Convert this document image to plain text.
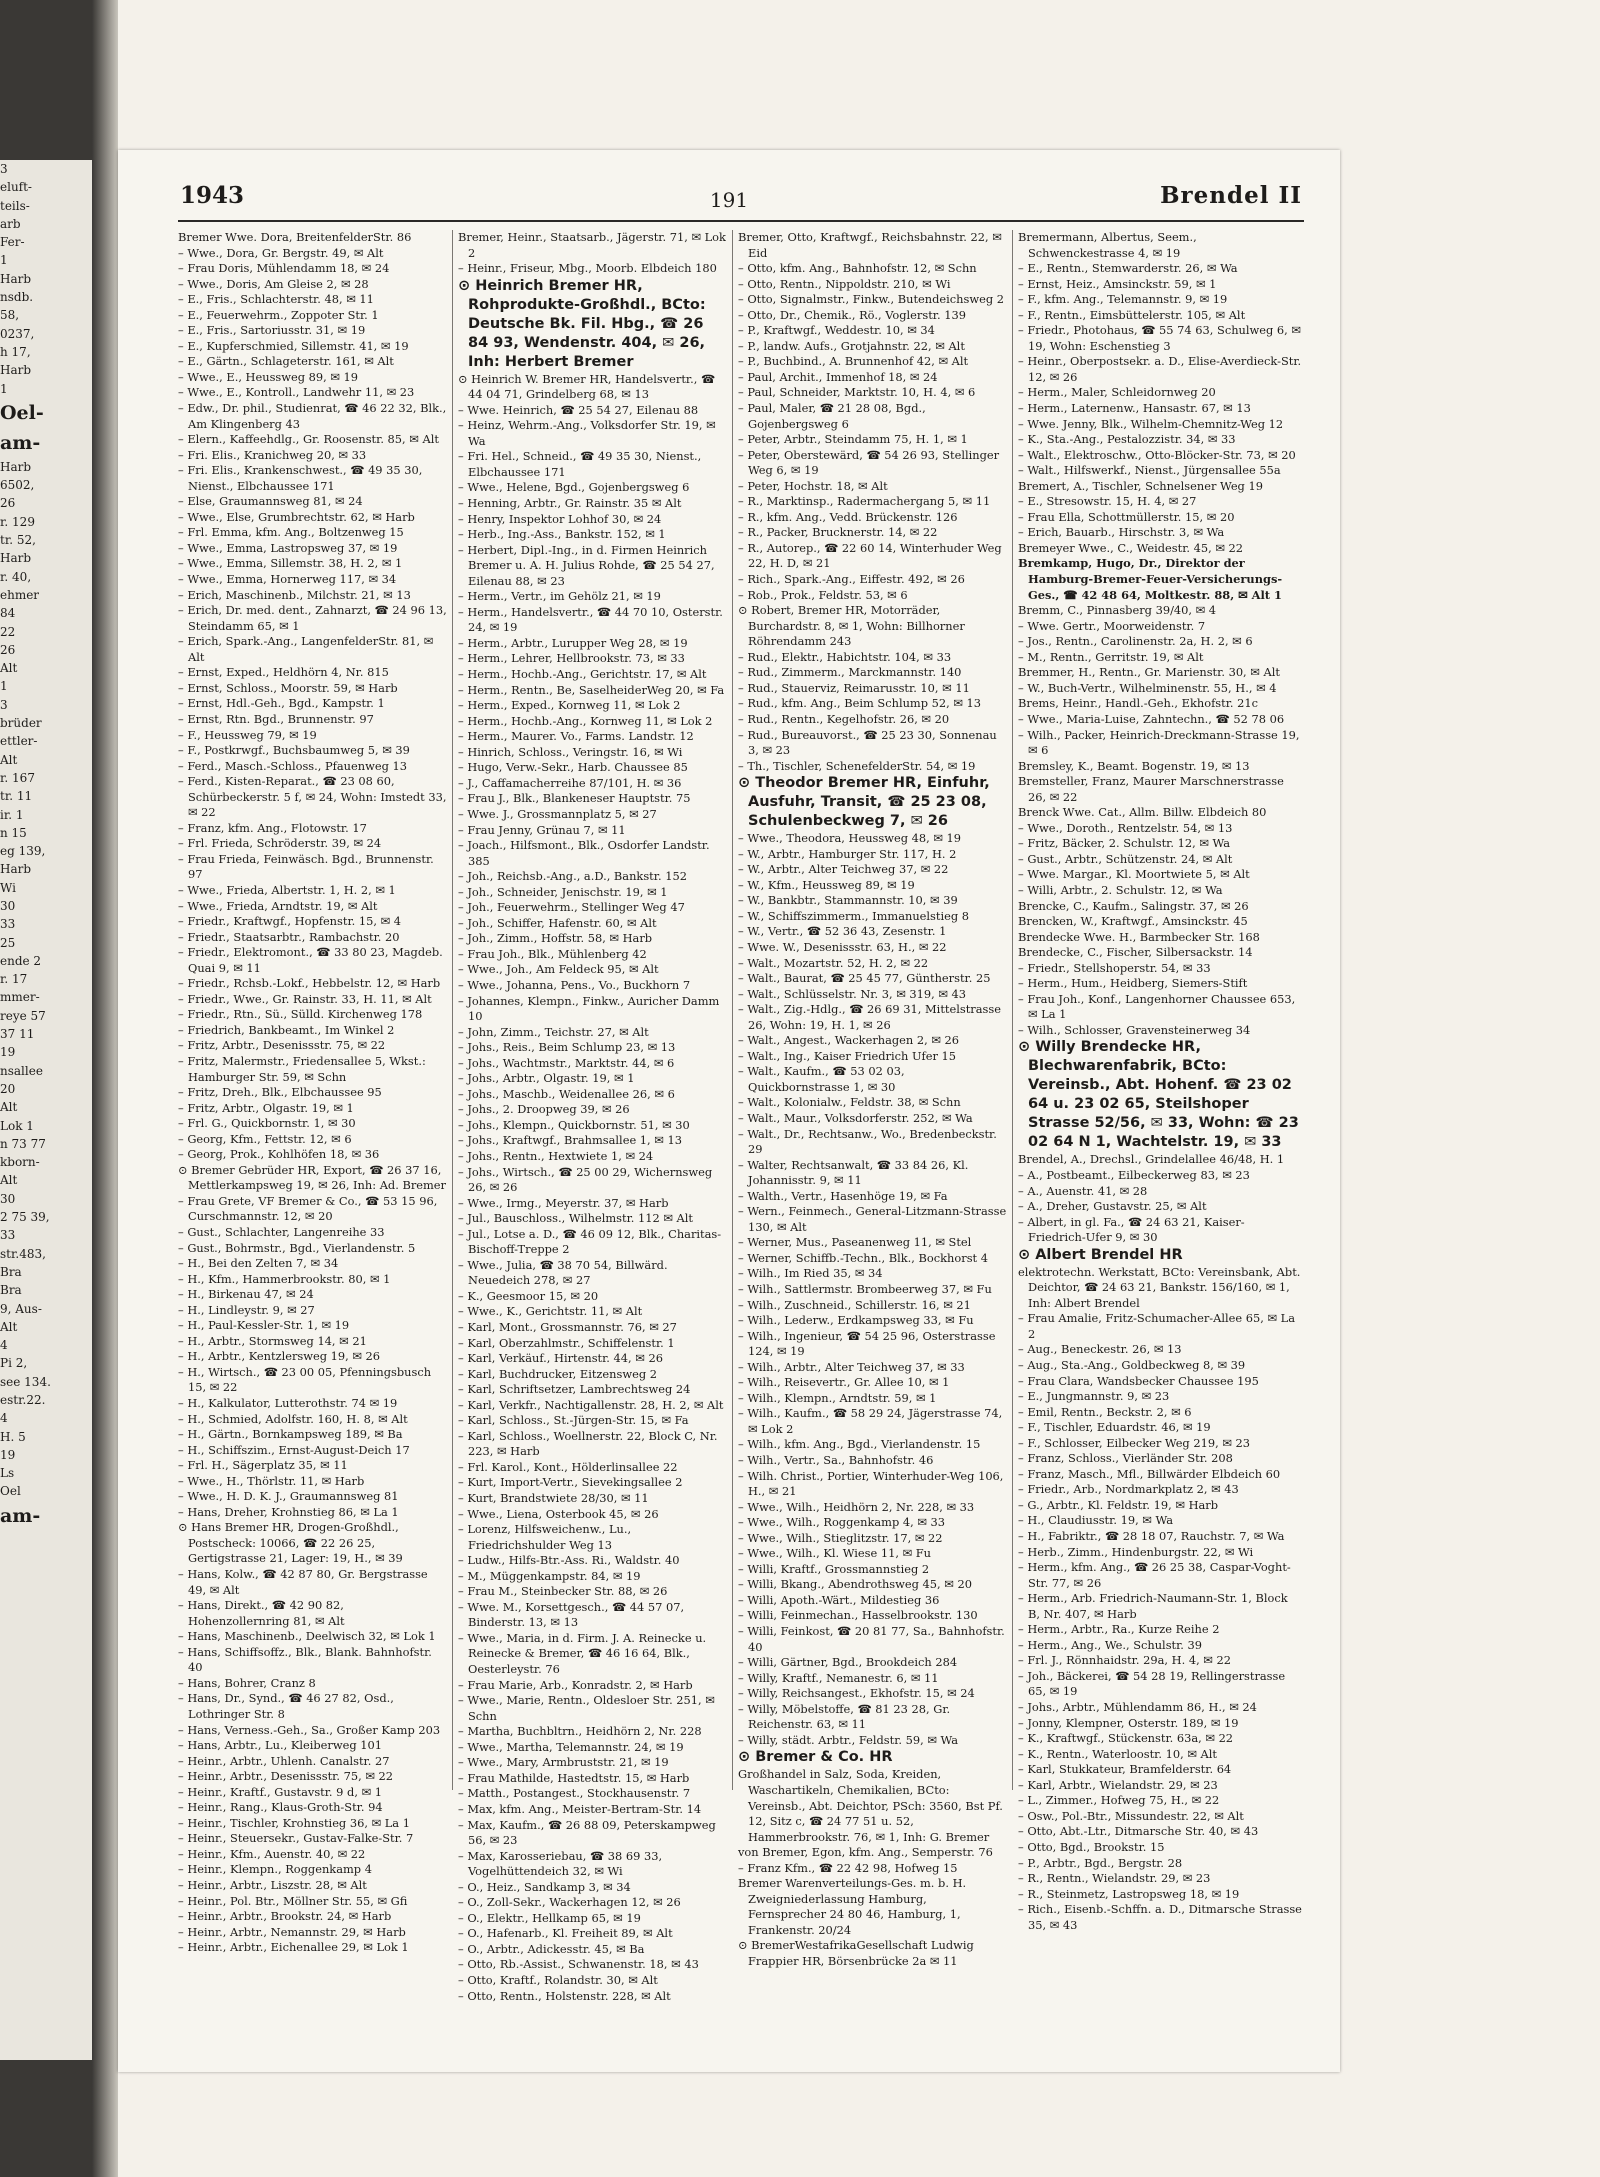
3
eluft-
teils-
arb
Fer-
1
Harb
nsdb.
58,
0237,
h 17,
Harb
1
Oel-
am-
Harb
6502,
26
r. 129
tr. 52,
Harb
r. 40,
ehmer
84
22
26
Alt
1
3
brüder
ettler-
Alt
r. 167
tr. 11
ir. 1
n 15
eg 139,
Harb
Wi
30
33
25
ende 2
r. 17
mmer-
reye 57
37 11
19
nsallee
20
Alt
Lok 1
n 73 77
kborn-
Alt
30
2 75 39,
33
str.483,
Bra
Bra
9, Aus-
Alt
4
Pi 2,
see 134.
estr.22.
4
H. 5
19
Ls
Oel
am-
1943	191	Brendel II
Bremer Wwe. Dora, BreitenfelderStr. 86
– Wwe., Dora, Gr. Bergstr. 49, ✉ Alt
– Frau Doris, Mühlendamm 18, ✉ 24
– Wwe., Doris, Am Gleise 2, ✉ 28
– E., Fris., Schlachterstr. 48, ✉ 11
– E., Feuerwehrm., Zoppoter Str. 1
– E., Fris., Sartoriusstr. 31, ✉ 19
– E., Kupferschmied, Sillemstr. 41, ✉ 19
– E., Gärtn., Schlageterstr. 161, ✉ Alt
– Wwe., E., Heussweg 89, ✉ 19
– Wwe., E., Kontroll., Landwehr 11, ✉ 23
– Edw., Dr. phil., Studienrat, ☎ 46 22 32, Blk., Am Klingenberg 43
– Elern., Kaffeehdlg., Gr. Roosenstr. 85, ✉ Alt
– Fri. Elis., Kranichweg 20, ✉ 33
– Fri. Elis., Krankenschwest., ☎ 49 35 30, Nienst., Elbchaussee 171
– Else, Graumannsweg 81, ✉ 24
– Wwe., Else, Grumbrechtstr. 62, ✉ Harb
– Frl. Emma, kfm. Ang., Boltzenweg 15
– Wwe., Emma, Lastropsweg 37, ✉ 19
– Wwe., Emma, Sillemstr. 38, H. 2, ✉ 1
– Wwe., Emma, Hornerweg 117, ✉ 34
– Erich, Maschinenb., Milchstr. 21, ✉ 13
– Erich, Dr. med. dent., Zahnarzt, ☎ 24 96 13, Steindamm 65, ✉ 1
– Erich, Spark.-Ang., LangenfelderStr. 81, ✉ Alt
– Ernst, Exped., Heldhörn 4, Nr. 815
– Ernst, Schloss., Moorstr. 59, ✉ Harb
– Ernst, Hdl.-Geh., Bgd., Kampstr. 1
– Ernst, Rtn. Bgd., Brunnenstr. 97
– F., Heussweg 79, ✉ 19
– F., Postkrwgf., Buchsbaumweg 5, ✉ 39
– Ferd., Masch.-Schloss., Pfauenweg 13
– Ferd., Kisten-Reparat., ☎ 23 08 60, Schürbeckerstr. 5 f, ✉ 24, Wohn: Imstedt 33, ✉ 22
– Franz, kfm. Ang., Flotowstr. 17
– Frl. Frieda, Schröderstr. 39, ✉ 24
– Frau Frieda, Feinwäsch. Bgd., Brunnenstr. 97
– Wwe., Frieda, Albertstr. 1, H. 2, ✉ 1
– Wwe., Frieda, Arndtstr. 19, ✉ Alt
– Friedr., Kraftwgf., Hopfenstr. 15, ✉ 4
– Friedr., Staatsarbtr., Rambachstr. 20
– Friedr., Elektromont., ☎ 33 80 23, Magdeb. Quai 9, ✉ 11
– Friedr., Rchsb.-Lokf., Hebbelstr. 12, ✉ Harb
– Friedr., Wwe., Gr. Rainstr. 33, H. 11, ✉ Alt
– Friedr., Rtn., Sü., Sülld. Kirchenweg 178
– Friedrich, Bankbeamt., Im Winkel 2
– Fritz, Arbtr., Desenissstr. 75, ✉ 22
– Fritz, Malermstr., Friedensallee 5, Wkst.: Hamburger Str. 59, ✉ Schn
– Fritz, Dreh., Blk., Elbchaussee 95
– Fritz, Arbtr., Olgastr. 19, ✉ 1
– Frl. G., Quickbornstr. 1, ✉ 30
– Georg, Kfm., Fettstr. 12, ✉ 6
– Georg, Prok., Kohlhöfen 18, ✉ 36
⊙ Bremer Gebrüder HR, Export, ☎ 26 37 16, Mettlerkampsweg 19, ✉ 26, Inh: Ad. Bremer
– Frau Grete, VF Bremer & Co., ☎ 53 15 96, Curschmannstr. 12, ✉ 20
– Gust., Schlachter, Langenreihe 33
– Gust., Bohrmstr., Bgd., Vierlandenstr. 5
– H., Bei den Zelten 7, ✉ 34
– H., Kfm., Hammerbrookstr. 80, ✉ 1
– H., Birkenau 47, ✉ 24
– H., Lindleystr. 9, ✉ 27
– H., Paul-Kessler-Str. 1, ✉ 19
– H., Arbtr., Stormsweg 14, ✉ 21
– H., Arbtr., Kentzlersweg 19, ✉ 26
– H., Wirtsch., ☎ 23 00 05, Pfenningsbusch 15, ✉ 22
– H., Kalkulator, Lutterothstr. 74 ✉ 19
– H., Schmied, Adolfstr. 160, H. 8, ✉ Alt
– H., Gärtn., Bornkampsweg 189, ✉ Ba
– H., Schiffszim., Ernst-August-Deich 17
– Frl. H., Sägerplatz 35, ✉ 11
– Wwe., H., Thörlstr. 11, ✉ Harb
– Wwe., H. D. K. J., Graumannsweg 81
– Hans, Dreher, Krohnstieg 86, ✉ La 1
⊙ Hans Bremer HR, Drogen-Großhdl., Postscheck: 10066, ☎ 22 26 25, Gertigstrasse 21, Lager: 19, H., ✉ 39
– Hans, Kolw., ☎ 42 87 80, Gr. Bergstrasse 49, ✉ Alt
– Hans, Direkt., ☎ 42 90 82, Hohenzollernring 81, ✉ Alt
– Hans, Maschinenb., Deelwisch 32, ✉ Lok 1
– Hans, Schiffsoffz., Blk., Blank. Bahnhofstr. 40
– Hans, Bohrer, Cranz 8
– Hans, Dr., Synd., ☎ 46 27 82, Osd., Lothringer Str. 8
– Hans, Verness.-Geh., Sa., Großer Kamp 203
– Hans, Arbtr., Lu., Kleiberweg 101
– Heinr., Arbtr., Uhlenh. Canalstr. 27
– Heinr., Arbtr., Desenissstr. 75, ✉ 22
– Heinr., Kraftf., Gustavstr. 9 d, ✉ 1
– Heinr., Rang., Klaus-Groth-Str. 94
– Heinr., Tischler, Krohnstieg 36, ✉ La 1
– Heinr., Steuersekr., Gustav-Falke-Str. 7
– Heinr., Kfm., Auenstr. 40, ✉ 22
– Heinr., Klempn., Roggenkamp 4
– Heinr., Arbtr., Liszstr. 28, ✉ Alt
– Heinr., Pol. Btr., Möllner Str. 55, ✉ Gfi
– Heinr., Arbtr., Brookstr. 24, ✉ Harb
– Heinr., Arbtr., Nemannstr. 29, ✉ Harb
– Heinr., Arbtr., Eichenallee 29, ✉ Lok 1
Bremer, Heinr., Staatsarb., Jägerstr. 71, ✉ Lok 2
– Heinr., Friseur, Mbg., Moorb. Elbdeich 180
⊙ Heinrich Bremer HR, Rohprodukte-Großhdl., BCto: Deutsche Bk. Fil. Hbg., ☎ 26 84 93, Wendenstr. 404, ✉ 26, Inh: Herbert Bremer
⊙ Heinrich W. Bremer HR, Handelsvertr., ☎ 44 04 71, Grindelberg 68, ✉ 13
– Wwe. Heinrich, ☎ 25 54 27, Eilenau 88
– Heinz, Wehrm.-Ang., Volksdorfer Str. 19, ✉ Wa
– Fri. Hel., Schneid., ☎ 49 35 30, Nienst., Elbchaussee 171
– Wwe., Helene, Bgd., Gojenbergsweg 6
– Henning, Arbtr., Gr. Rainstr. 35 ✉ Alt
– Henry, Inspektor Lohhof 30, ✉ 24
– Herb., Ing.-Ass., Bankstr. 152, ✉ 1
– Herbert, Dipl.-Ing., in d. Firmen Heinrich Bremer u. A. H. Julius Rohde, ☎ 25 54 27, Eilenau 88, ✉ 23
– Herm., Vertr., im Gehölz 21, ✉ 19
– Herm., Handelsvertr., ☎ 44 70 10, Osterstr. 24, ✉ 19
– Herm., Arbtr., Lurupper Weg 28, ✉ 19
– Herm., Lehrer, Hellbrookstr. 73, ✉ 33
– Herm., Hochb.-Ang., Gerichtstr. 17, ✉ Alt
– Herm., Rentn., Be, SaselheiderWeg 20, ✉ Fa
– Herm., Exped., Kornweg 11, ✉ Lok 2
– Herm., Hochb.-Ang., Kornweg 11, ✉ Lok 2
– Herm., Maurer. Vo., Farms. Landstr. 12
– Hinrich, Schloss., Veringstr. 16, ✉ Wi
– Hugo, Verw.-Sekr., Harb. Chaussee 85
– J., Caffamacherreihe 87/101, H. ✉ 36
– Frau J., Blk., Blankeneser Hauptstr. 75
– Wwe. J., Grossmannplatz 5, ✉ 27
– Frau Jenny, Grünau 7, ✉ 11
– Joach., Hilfsmont., Blk., Osdorfer Landstr. 385
– Joh., Reichsb.-Ang., a.D., Bankstr. 152
– Joh., Schneider, Jenischstr. 19, ✉ 1
– Joh., Feuerwehrm., Stellinger Weg 47
– Joh., Schiffer, Hafenstr. 60, ✉ Alt
– Joh., Zimm., Hoffstr. 58, ✉ Harb
– Frau Joh., Blk., Mühlenberg 42
– Wwe., Joh., Am Feldeck 95, ✉ Alt
– Wwe., Johanna, Pens., Vo., Buckhorn 7
– Johannes, Klempn., Finkw., Auricher Damm 10
– John, Zimm., Teichstr. 27, ✉ Alt
– Johs., Reis., Beim Schlump 23, ✉ 13
– Johs., Wachtmstr., Marktstr. 44, ✉ 6
– Johs., Arbtr., Olgastr. 19, ✉ 1
– Johs., Maschb., Weidenallee 26, ✉ 6
– Johs., 2. Droopweg 39, ✉ 26
– Johs., Klempn., Quickbornstr. 51, ✉ 30
– Johs., Kraftwgf., Brahmsallee 1, ✉ 13
– Johs., Rentn., Hextwiete 1, ✉ 24
– Johs., Wirtsch., ☎ 25 00 29, Wichernsweg 26, ✉ 26
– Wwe., Irmg., Meyerstr. 37, ✉ Harb
– Jul., Bauschloss., Wilhelmstr. 112 ✉ Alt
– Jul., Lotse a. D., ☎ 46 09 12, Blk., Charitas-Bischoff-Treppe 2
– Wwe., Julia, ☎ 38 70 54, Billwärd. Neuedeich 278, ✉ 27
– K., Geesmoor 15, ✉ 20
– Wwe., K., Gerichtstr. 11, ✉ Alt
– Karl, Mont., Grossmannstr. 76, ✉ 27
– Karl, Oberzahlmstr., Schiffelenstr. 1
– Karl, Verkäuf., Hirtenstr. 44, ✉ 26
– Karl, Buchdrucker, Eitzensweg 2
– Karl, Schriftsetzer, Lambrechtsweg 24
– Karl, Verkfr., Nachtigallenstr. 28, H. 2, ✉ Alt
– Karl, Schloss., St.-Jürgen-Str. 15, ✉ Fa
– Karl, Schloss., Woellnerstr. 22, Block C, Nr. 223, ✉ Harb
– Frl. Karol., Kont., Hölderlinsallee 22
– Kurt, Import-Vertr., Sievekingsallee 2
– Kurt, Brandstwiete 28/30, ✉ 11
– Wwe., Liena, Osterbook 45, ✉ 26
– Lorenz, Hilfsweichenw., Lu., Friedrichshulder Weg 13
– Ludw., Hilfs-Btr.-Ass. Ri., Waldstr. 40
– M., Müggenkampstr. 84, ✉ 19
– Frau M., Steinbecker Str. 88, ✉ 26
– Wwe. M., Korsettgesch., ☎ 44 57 07, Binderstr. 13, ✉ 13
– Wwe., Maria, in d. Firm. J. A. Reinecke u. Reinecke & Bremer, ☎ 46 16 64, Blk., Oesterleystr. 76
– Frau Marie, Arb., Konradstr. 2, ✉ Harb
– Wwe., Marie, Rentn., Oldesloer Str. 251, ✉ Schn
– Martha, Buchbltrn., Heidhörn 2, Nr. 228
– Wwe., Martha, Telemannstr. 24, ✉ 19
– Wwe., Mary, Armbruststr. 21, ✉ 19
– Frau Mathilde, Hastedtstr. 15, ✉ Harb
– Matth., Postangest., Stockhausenstr. 7
– Max, kfm. Ang., Meister-Bertram-Str. 14
– Max, Kaufm., ☎ 26 88 09, Peterskampweg 56, ✉ 23
– Max, Karosseriebau, ☎ 38 69 33, Vogelhüttendeich 32, ✉ Wi
– O., Heiz., Sandkamp 3, ✉ 34
– O., Zoll-Sekr., Wackerhagen 12, ✉ 26
– O., Elektr., Hellkamp 65, ✉ 19
– O., Hafenarb., Kl. Freiheit 89, ✉ Alt
– O., Arbtr., Adickesstr. 45, ✉ Ba
– Otto, Rb.-Assist., Schwanenstr. 18, ✉ 43
– Otto, Kraftf., Rolandstr. 30, ✉ Alt
– Otto, Rentn., Holstenstr. 228, ✉ Alt
Bremer, Otto, Kraftwgf., Reichsbahnstr. 22, ✉ Eid
– Otto, kfm. Ang., Bahnhofstr. 12, ✉ Schn
– Otto, Rentn., Nippoldstr. 210, ✉ Wi
– Otto, Signalmstr., Finkw., Butendeichsweg 2
– Otto, Dr., Chemik., Rö., Voglerstr. 139
– P., Kraftwgf., Weddestr. 10, ✉ 34
– P., landw. Aufs., Grotjahnstr. 22, ✉ Alt
– P., Buchbind., A. Brunnenhof 42, ✉ Alt
– Paul, Archit., Immenhof 18, ✉ 24
– Paul, Schneider, Marktstr. 10, H. 4, ✉ 6
– Paul, Maler, ☎ 21 28 08, Bgd., Gojenbergsweg 6
– Peter, Arbtr., Steindamm 75, H. 1, ✉ 1
– Peter, Oberstewärd, ☎ 54 26 93, Stellinger Weg 6, ✉ 19
– Peter, Hochstr. 18, ✉ Alt
– R., Marktinsp., Radermachergang 5, ✉ 11
– R., kfm. Ang., Vedd. Brückenstr. 126
– R., Packer, Brucknerstr. 14, ✉ 22
– R., Autorep., ☎ 22 60 14, Winterhuder Weg 22, H. D, ✉ 21
– Rich., Spark.-Ang., Eiffestr. 492, ✉ 26
– Rob., Prok., Feldstr. 53, ✉ 6
⊙ Robert, Bremer HR, Motorräder, Burchardstr. 8, ✉ 1, Wohn: Billhorner Röhrendamm 243
– Rud., Elektr., Habichtstr. 104, ✉ 33
– Rud., Zimmerm., Marckmannstr. 140
– Rud., Stauerviz, Reimarusstr. 10, ✉ 11
– Rud., kfm. Ang., Beim Schlump 52, ✉ 13
– Rud., Rentn., Kegelhofstr. 26, ✉ 20
– Rud., Bureauvorst., ☎ 25 23 30, Sonnenau 3, ✉ 23
– Th., Tischler, SchenefelderStr. 54, ✉ 19
⊙ Theodor Bremer HR, Einfuhr, Ausfuhr, Transit, ☎ 25 23 08, Schulenbeckweg 7, ✉ 26
– Wwe., Theodora, Heussweg 48, ✉ 19
– W., Arbtr., Hamburger Str. 117, H. 2
– W., Arbtr., Alter Teichweg 37, ✉ 22
– W., Kfm., Heussweg 89, ✉ 19
– W., Bankbtr., Stammannstr. 10, ✉ 39
– W., Schiffszimmerm., Immanuelstieg 8
– W., Vertr., ☎ 52 36 43, Zesenstr. 1
– Wwe. W., Desenissstr. 63, H., ✉ 22
– Walt., Mozartstr. 52, H. 2, ✉ 22
– Walt., Baurat, ☎ 25 45 77, Güntherstr. 25
– Walt., Schlüsselstr. Nr. 3, ✉ 319, ✉ 43
– Walt., Zig.-Hdlg., ☎ 26 69 31, Mittelstrasse 26, Wohn: 19, H. 1, ✉ 26
– Walt., Angest., Wackerhagen 2, ✉ 26
– Walt., Ing., Kaiser Friedrich Ufer 15
– Walt., Kaufm., ☎ 53 02 03, Quickbornstrasse 1, ✉ 30
– Walt., Kolonialw., Feldstr. 38, ✉ Schn
– Walt., Maur., Volksdorferstr. 252, ✉ Wa
– Walt., Dr., Rechtsanw., Wo., Bredenbeckstr. 29
– Walter, Rechtsanwalt, ☎ 33 84 26, Kl. Johannisstr. 9, ✉ 11
– Walth., Vertr., Hasenhöge 19, ✉ Fa
– Wern., Feinmech., General-Litzmann-Strasse 130, ✉ Alt
– Werner, Mus., Paseanenweg 11, ✉ Stel
– Werner, Schiffb.-Techn., Blk., Bockhorst 4
– Wilh., Im Ried 35, ✉ 34
– Wilh., Sattlermstr. Brombeerweg 37, ✉ Fu
– Wilh., Zuschneid., Schillerstr. 16, ✉ 21
– Wilh., Lederw., Erdkampsweg 33, ✉ Fu
– Wilh., Ingenieur, ☎ 54 25 96, Osterstrasse 124, ✉ 19
– Wilh., Arbtr., Alter Teichweg 37, ✉ 33
– Wilh., Reisevertr., Gr. Allee 10, ✉ 1
– Wilh., Klempn., Arndtstr. 59, ✉ 1
– Wilh., Kaufm., ☎ 58 29 24, Jägerstrasse 74, ✉ Lok 2
– Wilh., kfm. Ang., Bgd., Vierlandenstr. 15
– Wilh., Vertr., Sa., Bahnhofstr. 46
– Wilh. Christ., Portier, Winterhuder-Weg 106, H., ✉ 21
– Wwe., Wilh., Heidhörn 2, Nr. 228, ✉ 33
– Wwe., Wilh., Roggenkamp 4, ✉ 33
– Wwe., Wilh., Stieglitzstr. 17, ✉ 22
– Wwe., Wilh., Kl. Wiese 11, ✉ Fu
– Willi, Kraftf., Grossmannstieg 2
– Willi, Bkang., Abendrothsweg 45, ✉ 20
– Willi, Apoth.-Wärt., Mildestieg 36
– Willi, Feinmechan., Hasselbrookstr. 130
– Willi, Feinkost, ☎ 20 81 77, Sa., Bahnhofstr. 40
– Willi, Gärtner, Bgd., Brookdeich 284
– Willy, Kraftf., Nemanestr. 6, ✉ 11
– Willy, Reichsangest., Ekhofstr. 15, ✉ 24
– Willy, Möbelstoffe, ☎ 81 23 28, Gr. Reichenstr. 63, ✉ 11
– Willy, städt. Arbtr., Feldstr. 59, ✉ Wa
⊙ Bremer & Co. HR
Großhandel in Salz, Soda, Kreiden, Waschartikeln, Chemikalien, BCto: Vereinsb., Abt. Deichtor, PSch: 3560, Bst Pf. 12, Sitz c, ☎ 24 77 51 u. 52, Hammerbrookstr. 76, ✉ 1, Inh: G. Bremer
von Bremer, Egon, kfm. Ang., Semperstr. 76
– Franz Kfm., ☎ 22 42 98, Hofweg 15
Bremer Warenverteilungs-Ges. m. b. H. Zweigniederlassung Hamburg, Fernsprecher 24 80 46, Hamburg, 1, Frankenstr. 20/24
⊙ BremerWestafrikaGesellschaft Ludwig Frappier HR, Börsenbrücke 2a ✉ 11
Bremermann, Albertus, Seem., Schwenckestrasse 4, ✉ 19
– E., Rentn., Stemwarderstr. 26, ✉ Wa
– Ernst, Heiz., Amsinckstr. 59, ✉ 1
– F., kfm. Ang., Telemannstr. 9, ✉ 19
– F., Rentn., Eimsbüttelerstr. 105, ✉ Alt
– Friedr., Photohaus, ☎ 55 74 63, Schulweg 6, ✉ 19, Wohn: Eschenstieg 3
– Heinr., Oberpostsekr. a. D., Elise-Averdieck-Str. 12, ✉ 26
– Herm., Maler, Schleidornweg 20
– Herm., Laternenw., Hansastr. 67, ✉ 13
– Wwe. Jenny, Blk., Wilhelm-Chemnitz-Weg 12
– K., Sta.-Ang., Pestalozzistr. 34, ✉ 33
– Walt., Elektroschw., Otto-Blöcker-Str. 73, ✉ 20
– Walt., Hilfswerkf., Nienst., Jürgensallee 55a
Bremert, A., Tischler, Schnelsener Weg 19
– E., Stresowstr. 15, H. 4, ✉ 27
– Frau Ella, Schottmüllerstr. 15, ✉ 20
– Erich, Bauarb., Hirschstr. 3, ✉ Wa
Bremeyer Wwe., C., Weidestr. 45, ✉ 22
Bremkamp, Hugo, Dr., Direktor der Hamburg-Bremer-Feuer-Versicherungs-Ges., ☎ 42 48 64, Moltkestr. 88, ✉ Alt 1
Bremm, C., Pinnasberg 39/40, ✉ 4
– Wwe. Gertr., Moorweidenstr. 7
– Jos., Rentn., Carolinenstr. 2a, H. 2, ✉ 6
– M., Rentn., Gerritstr. 19, ✉ Alt
Bremmer, H., Rentn., Gr. Marienstr. 30, ✉ Alt
– W., Buch-Vertr., Wilhelminenstr. 55, H., ✉ 4
Brems, Heinr., Handl.-Geh., Ekhofstr. 21c
– Wwe., Maria-Luise, Zahntechn., ☎ 52 78 06
– Wilh., Packer, Heinrich-Dreckmann-Strasse 19, ✉ 6
Bremsley, K., Beamt. Bogenstr. 19, ✉ 13
Bremsteller, Franz, Maurer Marschnerstrasse 26, ✉ 22
Brenck Wwe. Cat., Allm. Billw. Elbdeich 80
– Wwe., Doroth., Rentzelstr. 54, ✉ 13
– Fritz, Bäcker, 2. Schulstr. 12, ✉ Wa
– Gust., Arbtr., Schützenstr. 24, ✉ Alt
– Wwe. Margar., Kl. Moortwiete 5, ✉ Alt
– Willi, Arbtr., 2. Schulstr. 12, ✉ Wa
Brencke, C., Kaufm., Salingstr. 37, ✉ 26
Brencken, W., Kraftwgf., Amsinckstr. 45
Brendecke Wwe. H., Barmbecker Str. 168
Brendecke, C., Fischer, Silbersackstr. 14
– Friedr., Stellshoperstr. 54, ✉ 33
– Herm., Hum., Heidberg, Siemers-Stift
– Frau Joh., Konf., Langenhorner Chaussee 653, ✉ La 1
– Wilh., Schlosser, Gravensteinerweg 34
⊙ Willy Brendecke HR, Blechwarenfabrik, BCto: Vereinsb., Abt. Hohenf. ☎ 23 02 64 u. 23 02 65, Steilshoper Strasse 52/56, ✉ 33, Wohn: ☎ 23 02 64 N 1, Wachtelstr. 19, ✉ 33
Brendel, A., Drechsl., Grindelallee 46/48, H. 1
– A., Postbeamt., Eilbeckerweg 83, ✉ 23
– A., Auenstr. 41, ✉ 28
– A., Dreher, Gustavstr. 25, ✉ Alt
– Albert, in gl. Fa., ☎ 24 63 21, Kaiser-Friedrich-Ufer 9, ✉ 30
⊙ Albert Brendel HR
elektrotechn. Werkstatt, BCto: Vereinsbank, Abt. Deichtor, ☎ 24 63 21, Bankstr. 156/160, ✉ 1, Inh: Albert Brendel
– Frau Amalie, Fritz-Schumacher-Allee 65, ✉ La 2
– Aug., Beneckestr. 26, ✉ 13
– Aug., Sta.-Ang., Goldbeckweg 8, ✉ 39
– Frau Clara, Wandsbecker Chaussee 195
– E., Jungmannstr. 9, ✉ 23
– Emil, Rentn., Beckstr. 2, ✉ 6
– F., Tischler, Eduardstr. 46, ✉ 19
– F., Schlosser, Eilbecker Weg 219, ✉ 23
– Franz, Schloss., Vierländer Str. 208
– Franz, Masch., Mfl., Billwärder Elbdeich 60
– Friedr., Arb., Nordmarkplatz 2, ✉ 43
– G., Arbtr., Kl. Feldstr. 19, ✉ Harb
– H., Claudiusstr. 19, ✉ Wa
– H., Fabriktr., ☎ 28 18 07, Rauchstr. 7, ✉ Wa
– Herb., Zimm., Hindenburgstr. 22, ✉ Wi
– Herm., kfm. Ang., ☎ 26 25 38, Caspar-Voght-Str. 77, ✉ 26
– Herm., Arb. Friedrich-Naumann-Str. 1, Block B, Nr. 407, ✉ Harb
– Herm., Arbtr., Ra., Kurze Reihe 2
– Herm., Ang., We., Schulstr. 39
– Frl. J., Rönnhaidstr. 29a, H. 4, ✉ 22
– Joh., Bäckerei, ☎ 54 28 19, Rellingerstrasse 65, ✉ 19
– Johs., Arbtr., Mühlendamm 86, H., ✉ 24
– Jonny, Klempner, Osterstr. 189, ✉ 19
– K., Kraftwgf., Stückenstr. 63a, ✉ 22
– K., Rentn., Waterloostr. 10, ✉ Alt
– Karl, Stukkateur, Bramfelderstr. 64
– Karl, Arbtr., Wielandstr. 29, ✉ 23
– L., Zimmer., Hofweg 75, H., ✉ 22
– Osw., Pol.-Btr., Missundestr. 22, ✉ Alt
– Otto, Abt.-Ltr., Ditmarsche Str. 40, ✉ 43
– Otto, Bgd., Brookstr. 15
– P., Arbtr., Bgd., Bergstr. 28
– R., Rentn., Wielandstr. 29, ✉ 23
– R., Steinmetz, Lastropsweg 18, ✉ 19
– Rich., Eisenb.-Schffn. a. D., Ditmarsche Strasse 35, ✉ 43
